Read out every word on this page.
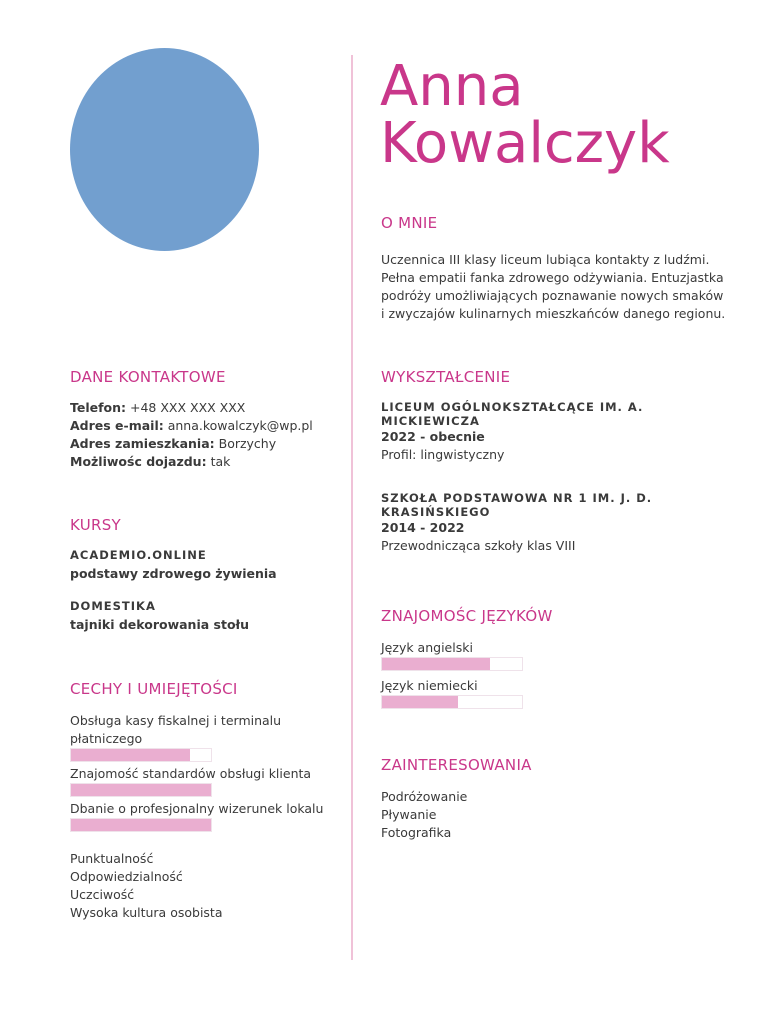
Anna
Kowalczyk
O MNIE
Uczennica III klasy liceum lubiąca kontakty z ludźmi.
Pełna empatii fanka zdrowego odżywiania. Entuzjastka
podróży umożliwiających poznawanie nowych smaków
i zwyczajów kulinarnych mieszkańców danego regionu.
DANE KONTAKTOWE
Telefon: +48 XXX XXX XXX
Adres e-mail: anna.kowalczyk@wp.pl
Adres zamieszkania: Borzychy
Możliwośc dojazdu: tak
WYKSZTAŁCENIE
LICEUM OGÓLNOKSZTAŁCĄCE IM. A.
MICKIEWICZA
2022 - obecnie
Profil: lingwistyczny
SZKOŁA PODSTAWOWA NR 1 IM. J. D.
KRASIŃSKIEGO
2014 - 2022
Przewodnicząca szkoły klas VIII
KURSY
ACADEMIO.ONLINE
podstawy zdrowego żywienia
DOMESTIKA
tajniki dekorowania stołu	ZNAJOMOŚC JĘZYKÓW
Język angielski
Język niemiecki
CECHY I UMIEJĘTOŚCI
Obsługa kasy fiskalnej i terminalu
płatniczego
Znajomość standardów obsługi klienta
Dbanie o profesjonalny wizerunek lokalu
Punktualność
Odpowiedzialność
Uczciwość
Wysoka kultura osobista
ZAINTERESOWANIA
Podróżowanie
Pływanie
Fotografika
